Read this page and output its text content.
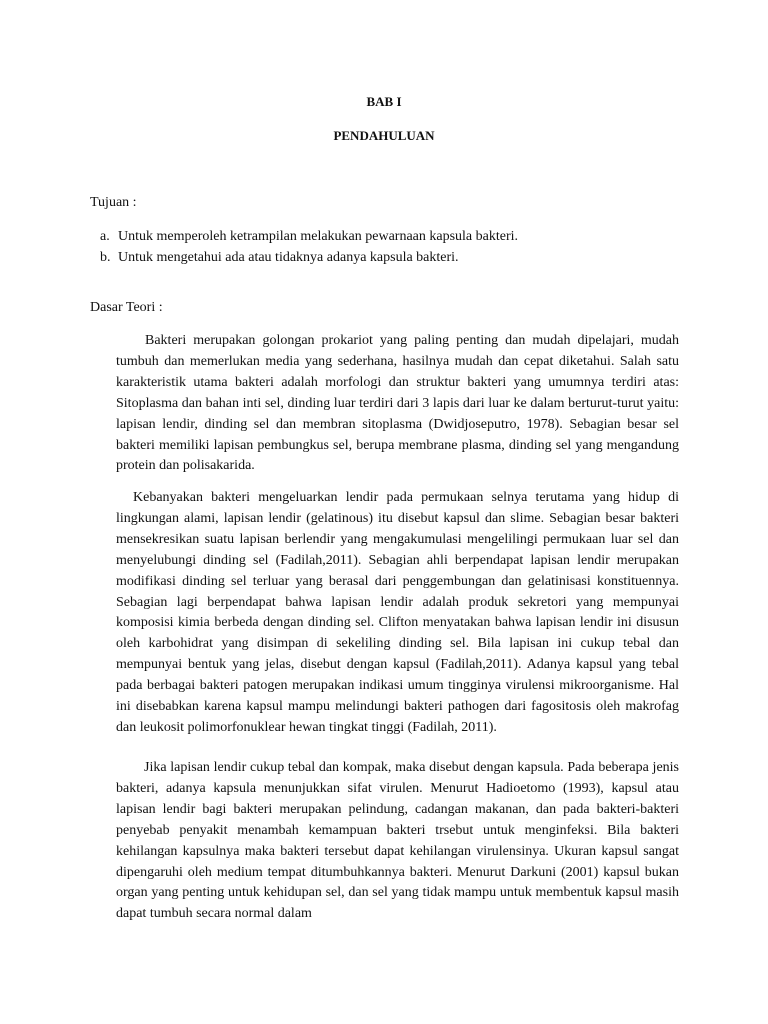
BAB I
PENDAHULUAN

Tujuan :

a. Untuk memperoleh ketrampilan melakukan pewarnaan kapsula bakteri.
b. Untuk mengetahui ada atau tidaknya adanya kapsula bakteri.

Dasar Teori :

Bakteri merupakan golongan prokariot yang paling penting dan mudah dipelajari, mudah tumbuh dan memerlukan media yang sederhana, hasilnya mudah dan cepat diketahui. Salah satu karakteristik utama bakteri adalah morfologi dan struktur bakteri yang umumnya terdiri atas: Sitoplasma dan bahan inti sel, dinding luar terdiri dari 3 lapis dari luar ke dalam berturut-turut yaitu: lapisan lendir, dinding sel dan membran sitoplasma (Dwidjoseputro, 1978). Sebagian besar sel bakteri memiliki lapisan pembungkus sel, berupa membrane plasma, dinding sel yang mengandung protein dan polisakarida.

Kebanyakan bakteri mengeluarkan lendir pada permukaan selnya terutama yang hidup di lingkungan alami, lapisan lendir (gelatinous) itu disebut kapsul dan slime. Sebagian besar bakteri mensekresikan suatu lapisan berlendir yang mengakumulasi mengelilingi permukaan luar sel dan menyelubungi dinding sel (Fadilah,2011). Sebagian ahli berpendapat lapisan lendir merupakan modifikasi dinding sel terluar yang berasal dari penggembungan dan gelatinisasi konstituennya. Sebagian lagi berpendapat bahwa lapisan lendir adalah produk sekretori yang mempunyai komposisi kimia berbeda dengan dinding sel. Clifton menyatakan bahwa lapisan lendir ini disusun oleh karbohidrat yang disimpan di sekeliling dinding sel. Bila lapisan ini cukup tebal dan mempunyai bentuk yang jelas, disebut dengan kapsul (Fadilah,2011). Adanya kapsul yang tebal pada berbagai bakteri patogen merupakan indikasi umum tingginya virulensi mikroorganisme. Hal ini disebabkan karena kapsul mampu melindungi bakteri pathogen dari fagositosis oleh makrofag dan leukosit polimorfonuklear hewan tingkat tinggi (Fadilah, 2011).

Jika lapisan lendir cukup tebal dan kompak, maka disebut dengan kapsula. Pada beberapa jenis bakteri, adanya kapsula menunjukkan sifat virulen. Menurut Hadioetomo (1993), kapsul atau lapisan lendir bagi bakteri merupakan pelindung, cadangan makanan, dan pada bakteri-bakteri penyebab penyakit menambah kemampuan bakteri trsebut untuk menginfeksi. Bila bakteri kehilangan kapsulnya maka bakteri tersebut dapat kehilangan virulensinya. Ukuran kapsul sangat dipengaruhi oleh medium tempat ditumbuhkannya bakteri. Menurut Darkuni (2001) kapsul bukan organ yang penting untuk kehidupan sel, dan sel yang tidak mampu untuk membentuk kapsul masih dapat tumbuh secara normal dalam
